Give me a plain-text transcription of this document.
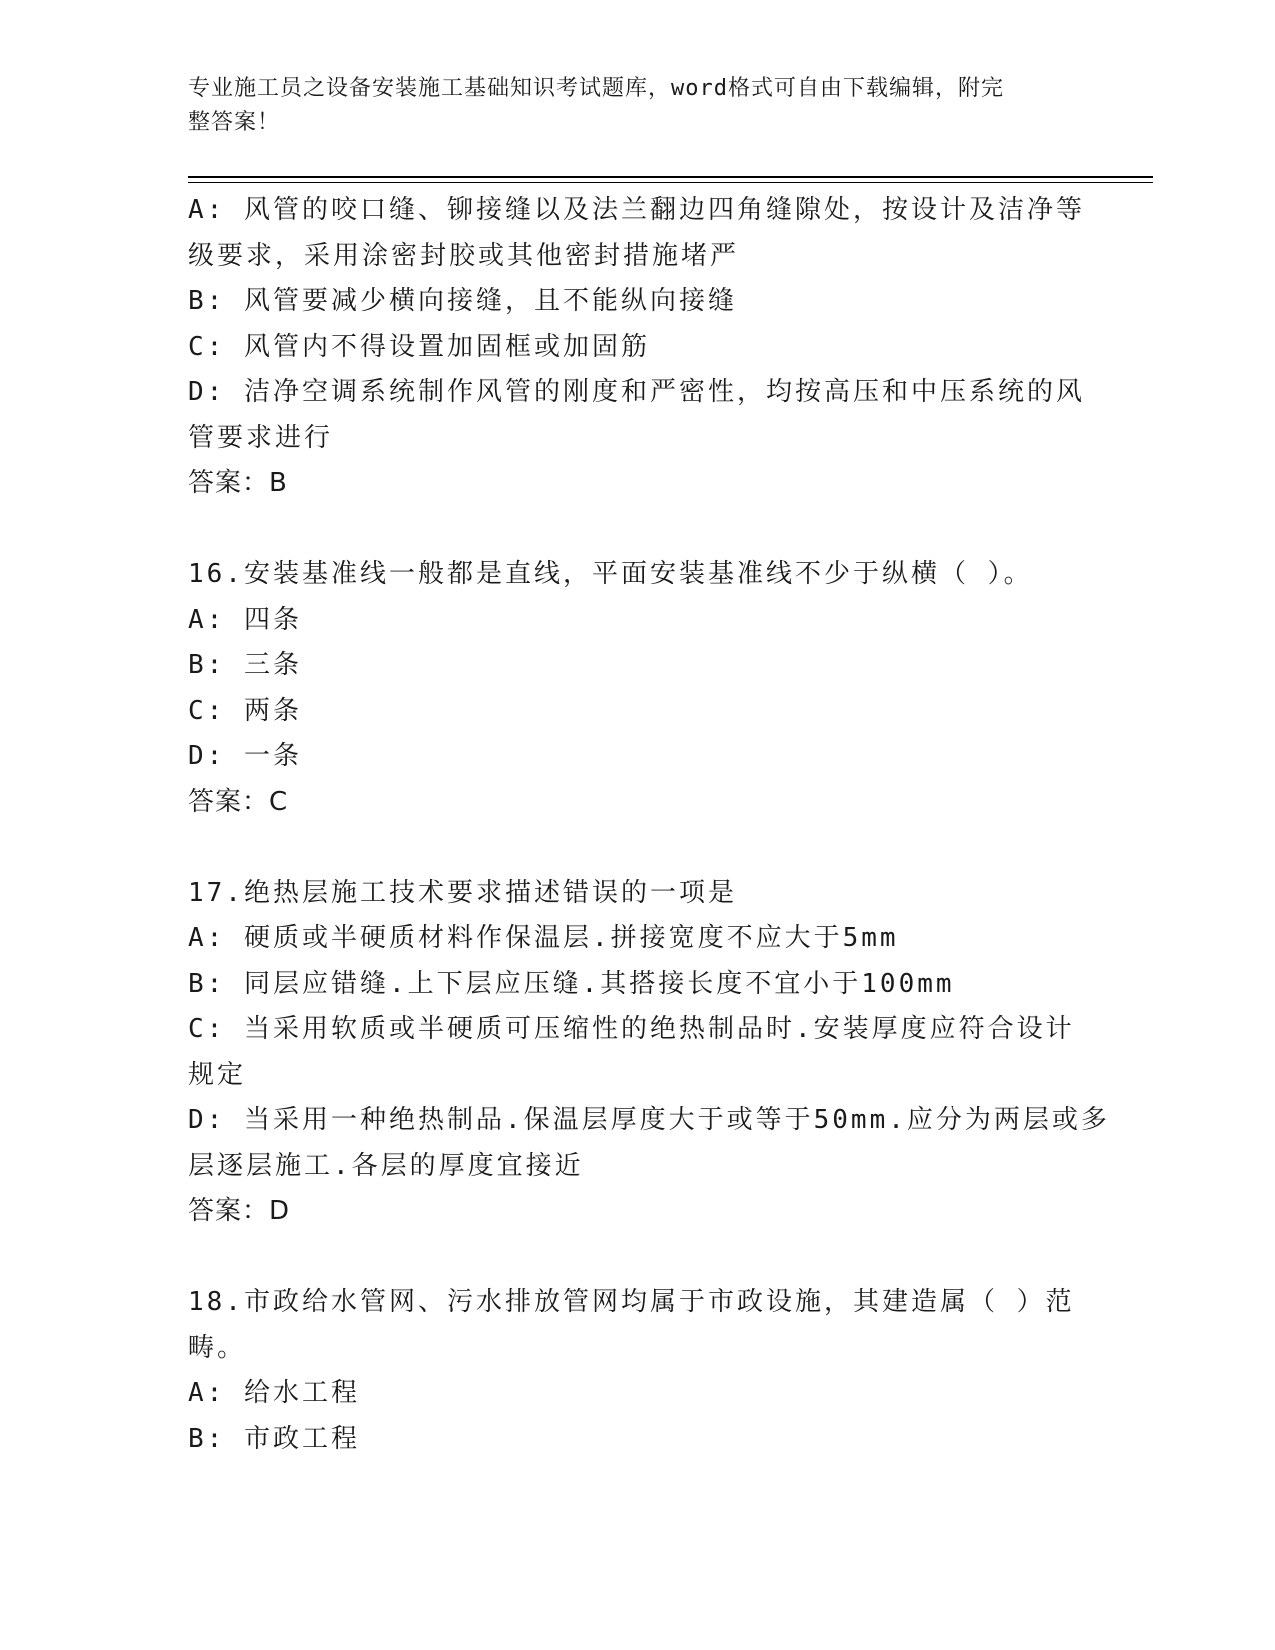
专业施工员之设备安装施工基础知识考试题库，word格式可自由下载编辑，附完
整答案！
A: 风管的咬口缝、铆接缝以及法兰翻边四角缝隙处，按设计及洁净等
级要求，采用涂密封胶或其他密封措施堵严
B: 风管要减少横向接缝，且不能纵向接缝
C: 风管内不得设置加固框或加固筋
D: 洁净空调系统制作风管的刚度和严密性，均按高压和中压系统的风
管要求进行
答案：B
16.安装基准线一般都是直线，平面安装基准线不少于纵横（ ）。
A: 四条
B: 三条
C: 两条
D: 一条
答案：C
17.绝热层施工技术要求描述错误的一项是
A: 硬质或半硬质材料作保温层.拼接宽度不应大于5mm
B: 同层应错缝.上下层应压缝.其搭接长度不宜小于100mm
C: 当采用软质或半硬质可压缩性的绝热制品时.安装厚度应符合设计
规定
D: 当采用一种绝热制品.保温层厚度大于或等于50mm.应分为两层或多
层逐层施工.各层的厚度宜接近
答案：D
18.市政给水管网、污水排放管网均属于市政设施，其建造属（ ）范
畴。
A: 给水工程
B: 市政工程
